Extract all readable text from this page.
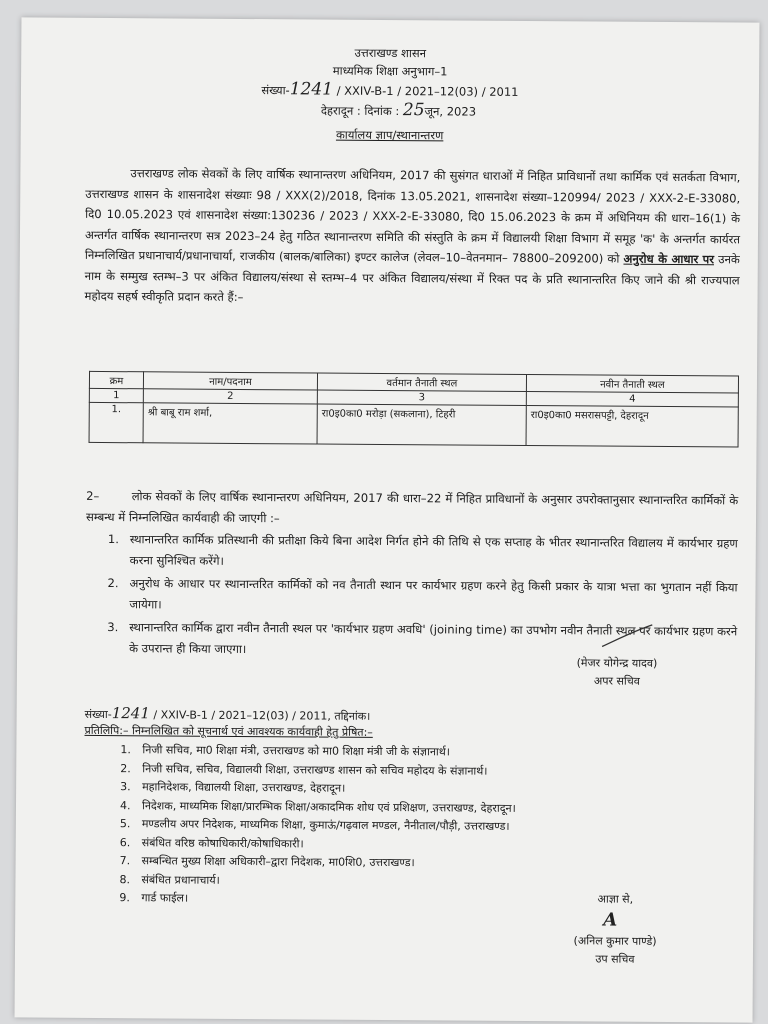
उत्तराखण्ड शासन
माध्यमिक शिक्षा अनुभाग–1
संख्या-1241 / XXIV-B-1 / 2021–12(03) / 2011
देहरादून : दिनांक : 25जून, 2023
कार्यालय ज्ञाप/स्थानान्तरण
उत्तराखण्ड लोक सेवकों के लिए वार्षिक स्थानान्तरण अधिनियम, 2017 की सुसंगत धाराओं में निहित प्राविधानों तथा कार्मिक एवं सतर्कता विभाग, उत्तराखण्ड शासन के शासनादेश संख्याः 98 / XXX(2)/2018, दिनांक 13.05.2021, शासनादेश संख्या–120994/ 2023 / XXX-2-E-33080, दि0 10.05.2023 एवं शासनादेश संख्या:130236 / 2023 / XXX-2-E-33080, दि0 15.06.2023 के क्रम में अधिनियम की धारा–16(1) के अन्तर्गत वार्षिक स्थानान्तरण सत्र 2023–24 हेतु गठित स्थानान्तरण समिति की संस्तुति के क्रम में विद्यालयी शिक्षा विभाग में समूह 'क' के अन्तर्गत कार्यरत निम्नलिखित प्रधानाचार्य/प्रधानाचार्या, राजकीय (बालक/बालिका) इण्टर कालेज (लेवल–10–वेतनमान– 78800–209200) को अनुरोध के आधार पर उनके नाम के सम्मुख स्तम्भ–3 पर अंकित विद्यालय/संस्था से स्तम्भ–4 पर अंकित विद्यालय/संस्था में रिक्त पद के प्रति स्थानान्तरित किए जाने की श्री राज्यपाल महोदय सहर्ष स्वीकृति प्रदान करते हैं:–
क्रम	नाम/पदनाम	वर्तमान तैनाती स्थल	नवीन तैनाती स्थल
1	2	3	4
1.	श्री बाबू राम शर्मा,	रा0इ0का0 मरोड़ा (सकलाना), टिहरी	रा0इ0का0 मसरासपट्टी, देहरादून
2–	लोक सेवकों के लिए वार्षिक स्थानान्तरण अधिनियम, 2017 की धारा–22 में निहित प्राविधानों के अनुसार उपरोक्तानुसार स्थानान्तरित कार्मिकों के सम्बन्ध में निम्नलिखित कार्यवाही की जाएगी :–
1. स्थानान्तरित कार्मिक प्रतिस्थानी की प्रतीक्षा किये बिना आदेश निर्गत होने की तिथि से एक सप्ताह के भीतर स्थानान्तरित विद्यालय में कार्यभार ग्रहण करना सुनिश्चित करेंगे।
2. अनुरोध के आधार पर स्थानान्तरित कार्मिकों को नव तैनाती स्थान पर कार्यभार ग्रहण करने हेतु किसी प्रकार के यात्रा भत्ता का भुगतान नहीं किया जायेगा।
3. स्थानान्तरित कार्मिक द्वारा नवीन तैनाती स्थल पर 'कार्यभार ग्रहण अवधि' (joining time) का उपभोग नवीन तैनाती स्थल पर कार्यभार ग्रहण करने के उपरान्त ही किया जाएगा।
(मेजर योगेन्द्र यादव)
अपर सचिव
संख्या-1241 / XXIV-B-1 / 2021–12(03) / 2011, तद्दिनांक।
प्रतिलिपि:– निम्नलिखित को सूचनार्थ एवं आवश्यक कार्यवाही हेतु प्रेषित:–
1.	निजी सचिव, मा0 शिक्षा मंत्री, उत्तराखण्ड को मा0 शिक्षा मंत्री जी के संज्ञानार्थ।
2.	निजी सचिव, सचिव, विद्यालयी शिक्षा, उत्तराखण्ड शासन को सचिव महोदय के संज्ञानार्थ।
3.	महानिदेशक, विद्यालयी शिक्षा, उत्तराखण्ड, देहरादून।
4.	निदेशक, माध्यमिक शिक्षा/प्रारम्भिक शिक्षा/अकादमिक शोध एवं प्रशिक्षण, उत्तराखण्ड, देहरादून।
5.	मण्डलीय अपर निदेशक, माध्यमिक शिक्षा, कुमाऊं/गढ़वाल मण्डल, नैनीताल/पौड़ी, उत्तराखण्ड।
6.	संबंधित वरिष्ठ कोषाधिकारी/कोषाधिकारी।
7.	सम्बन्धित मुख्य शिक्षा अधिकारी–द्वारा निदेशक, मा0शि0, उत्तराखण्ड।
8.	संबंधित प्रधानाचार्य।
9.	गार्ड फाईल।	आज्ञा से,
A
(अनिल कुमार पाण्डे)
उप सचिव
